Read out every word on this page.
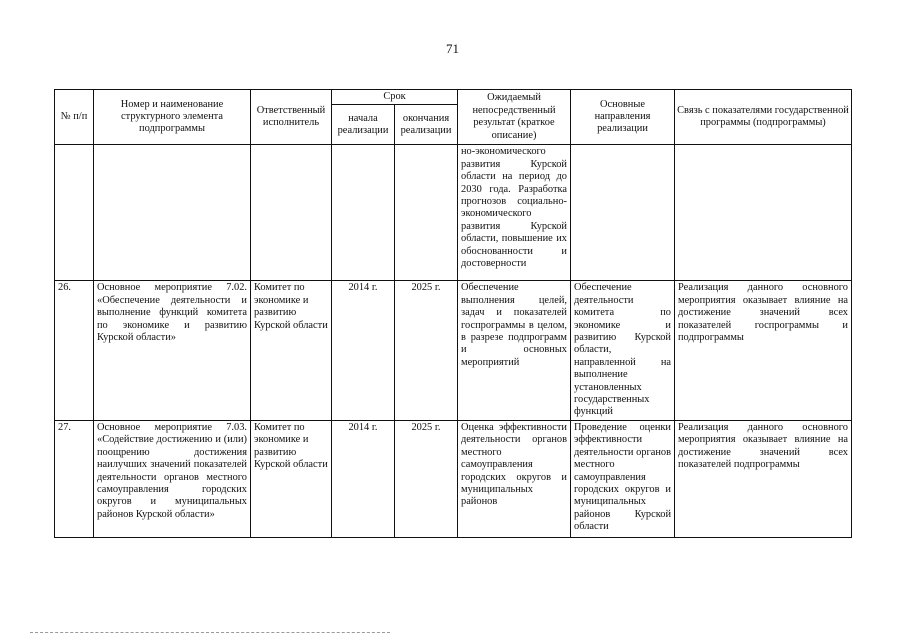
71
№ п/п	Номер и наименование структурного элемента подпрограммы	Ответственный исполнитель	Срок		Ожидаемый непосредственный результат (краткое описание)	Основные направления реализации	Связь с показателями государственной программы (подпрограммы)
			начала реализации	окончания реализации			
					но-экономического развития Курской области на период до 2030 года. Разработка прогнозов социально-экономического развития Курской области, повышение их обоснованности и достоверности		
26.	Основное мероприятие 7.02. «Обеспечение деятельности и выполнение функций комитета по экономике и развитию Курской области»	Комитет по экономике и развитию Курской области	2014 г.	2025 г.	Обеспечение выполнения целей, задач и показателей госпрограммы в целом, в разрезе подпрограмм и основных мероприятий	Обеспечение деятельности комитета по экономике и развитию Курской области, направленной на выполнение установленных государственных функций	Реализация данного основного мероприятия оказывает влияние на достижение значений всех показателей госпрограммы и подпрограммы
27.	Основное мероприятие 7.03. «Содействие достижению и (или) поощрению достижения наилучших значений показателей деятельности органов местного самоуправления городских округов и муниципальных районов Курской области»	Комитет по экономике и развитию Курской области	2014 г.	2025 г.	Оценка эффективности деятельности органов местного самоуправления городских округов и муниципальных районов	Проведение оценки эффективности деятельности органов местного самоуправления городских округов и муниципальных районов Курской области	Реализация данного основного мероприятия оказывает влияние на достижение значений всех показателей подпрограммы
